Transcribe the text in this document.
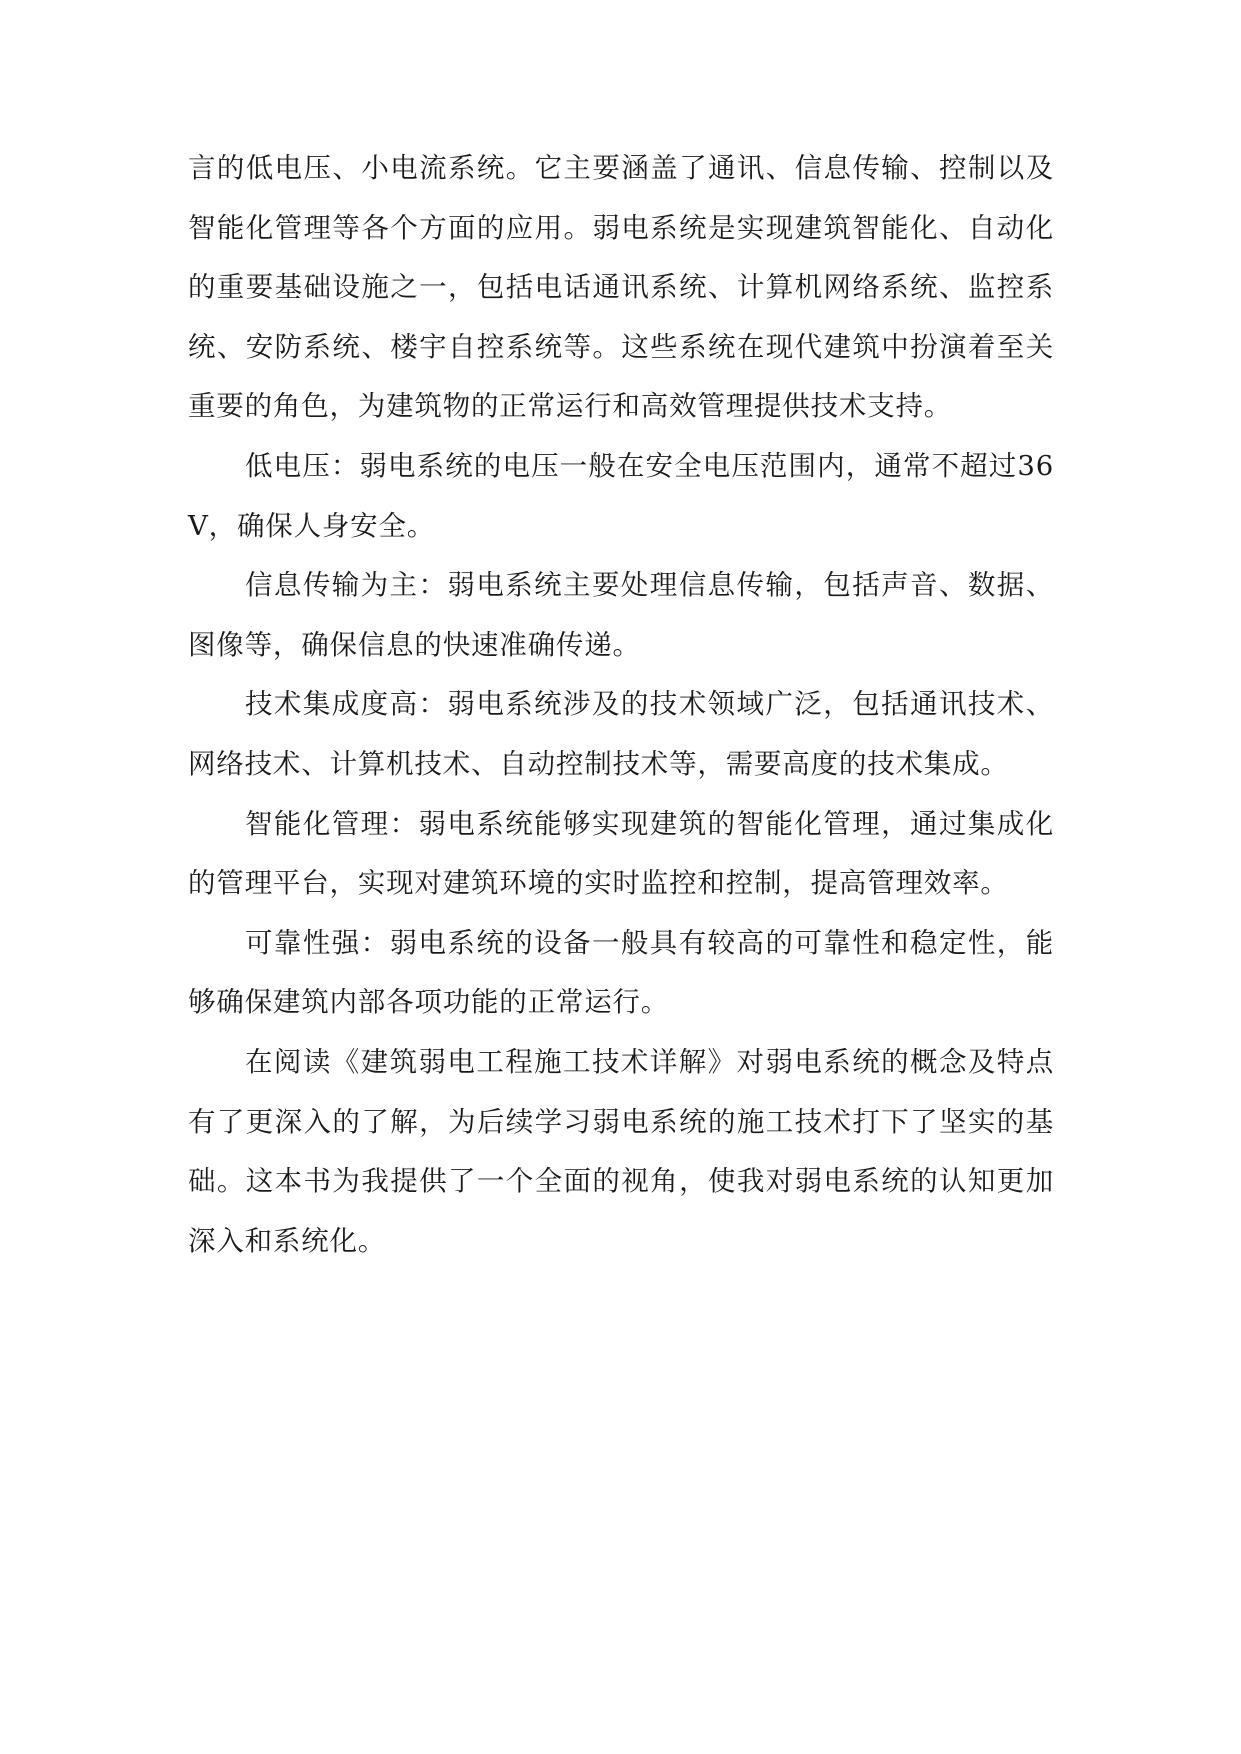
言的低电压、小电流系统。它主要涵盖了通讯、信息传输、控制以及智能化管理等各个方面的应用。弱电系统是实现建筑智能化、自动化的重要基础设施之一，包括电话通讯系统、计算机网络系统、监控系统、安防系统、楼宇自控系统等。这些系统在现代建筑中扮演着至关重要的角色，为建筑物的正常运行和高效管理提供技术支持。

低电压：弱电系统的电压一般在安全电压范围内，通常不超过36V，确保人身安全。

信息传输为主：弱电系统主要处理信息传输，包括声音、数据、图像等，确保信息的快速准确传递。

技术集成度高：弱电系统涉及的技术领域广泛，包括通讯技术、网络技术、计算机技术、自动控制技术等，需要高度的技术集成。

智能化管理：弱电系统能够实现建筑的智能化管理，通过集成化的管理平台，实现对建筑环境的实时监控和控制，提高管理效率。

可靠性强：弱电系统的设备一般具有较高的可靠性和稳定性，能够确保建筑内部各项功能的正常运行。

在阅读《建筑弱电工程施工技术详解》对弱电系统的概念及特点有了更深入的了解，为后续学习弱电系统的施工技术打下了坚实的基础。这本书为我提供了一个全面的视角，使我对弱电系统的认知更加深入和系统化。
